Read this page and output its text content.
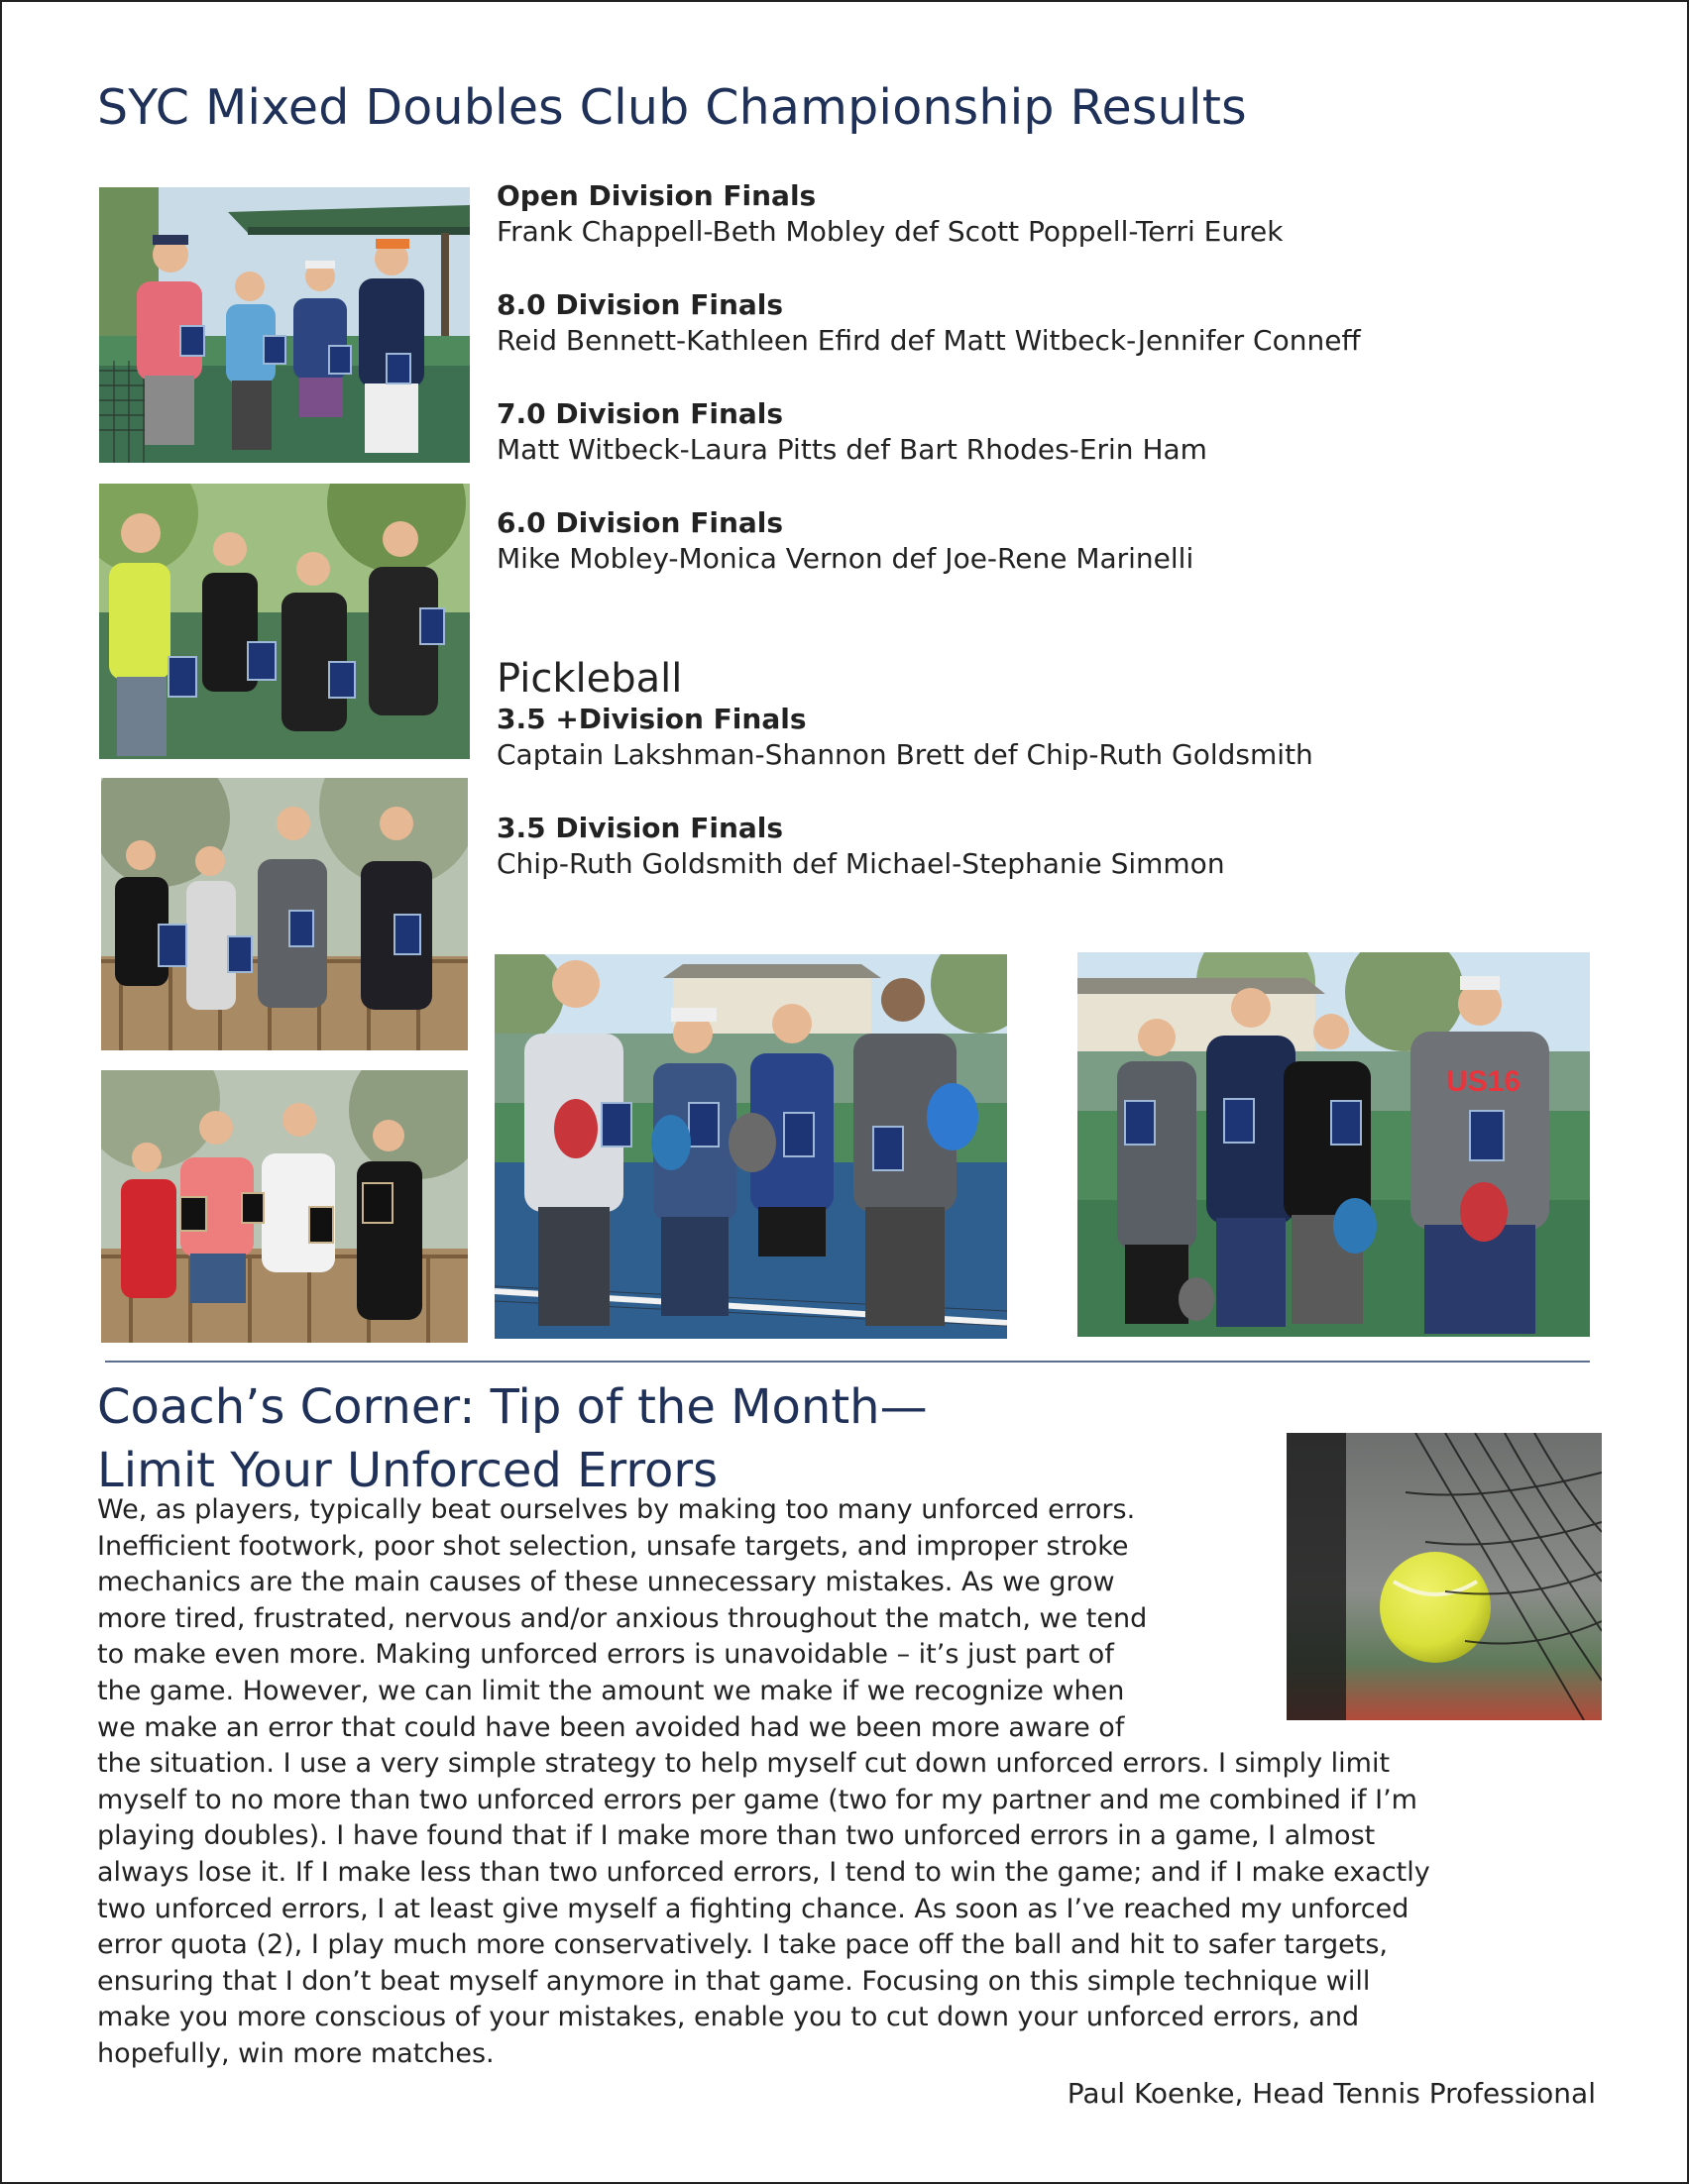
SYC Mixed Doubles Club Championship Results
US16
Open Division Finals
Frank Chappell-Beth Mobley def Scott Poppell-Terri Eurek
8.0 Division Finals
Reid Bennett-Kathleen Efird def Matt Witbeck-Jennifer Conneff
7.0 Division Finals
Matt Witbeck-Laura Pitts def Bart Rhodes-Erin Ham
6.0 Division Finals
Mike Mobley-Monica Vernon def Joe-Rene Marinelli
Pickleball
3.5 +Division Finals
Captain Lakshman-Shannon Brett def Chip-Ruth Goldsmith
3.5 Division Finals
Chip-Ruth Goldsmith def Michael-Stephanie Simmon
Coach’s Corner: Tip of the Month—
Limit Your Unforced Errors
We, as players, typically beat ourselves by making too many unforced errors.
Inefficient footwork, poor shot selection, unsafe targets, and improper stroke
mechanics are the main causes of these unnecessary mistakes. As we grow
more tired, frustrated, nervous and/or anxious throughout the match, we tend
to make even more. Making unforced errors is unavoidable – it’s just part of
the game. However, we can limit the amount we make if we recognize when
we make an error that could have been avoided had we been more aware of
the situation. I use a very simple strategy to help myself cut down unforced errors. I simply limit
myself to no more than two unforced errors per game (two for my partner and me combined if I’m
playing doubles). I have found that if I make more than two unforced errors in a game, I almost
always lose it. If I make less than two unforced errors, I tend to win the game; and if I make exactly
two unforced errors, I at least give myself a fighting chance. As soon as I’ve reached my unforced
error quota (2), I play much more conservatively. I take pace off the ball and hit to safer targets,
ensuring that I don’t beat myself anymore in that game. Focusing on this simple technique will
make you more conscious of your mistakes, enable you to cut down your unforced errors, and
hopefully, win more matches.
Paul Koenke, Head Tennis Professional
